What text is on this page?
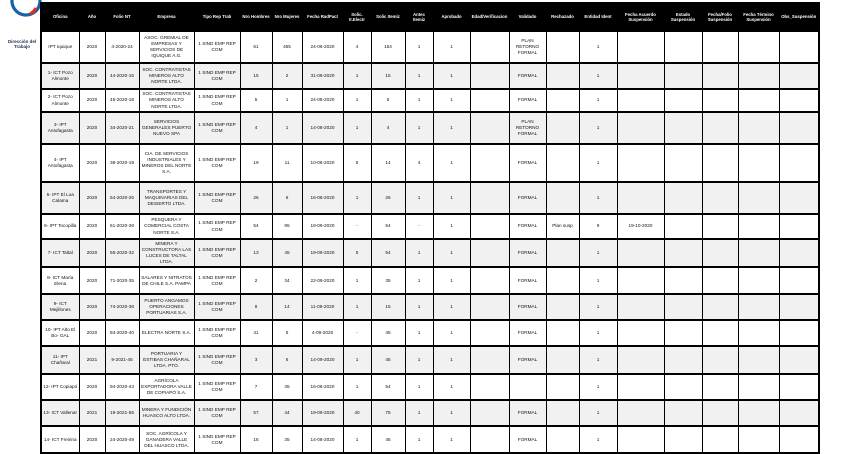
Dirección del Trabajo
Oficina	Año	Folio NT	Empresa	Tipo Rep Trab	Nro Hombres	Nro Mujeres	Fecha RadPact	Solic. It.Electr	Solic Itemiz	Antec Itemiz	Aprobado	Edad/Verificacion	Validado	Rechazado	Entidad Ident	Fecha Acuerdo Suspensión	Estado Suspensión	Fecha/Folio Suspensión	Fecha Término Suspensión	Obs_Suspensión
IPT Iquique	2020	4-2020-24	ASOC. GREMIAL DE EMPRESAS Y SERVICIOS DE IQUIQUE A.G.	1 SIND EMP REP COM	61	465	24-06-2020	4	154	1	1		PLAN RETORNO FORMAL		1					
1- ICT Pozo Almonte	2020	44-2020-15	SOC. CONTRATISTAS MINEROS ALTO NORTE LTDA.	1 SIND EMP REP COM	15	2	31-08-2020	1	15	1	1		FORMAL		1					
2- ICT Pozo Almonte	2020	45-2020-18	SOC. CONTRATISTAS MINEROS ALTO NORTE LTDA.	1 SIND EMP REP COM	5	1	24-08-2020	1	5	1	1		FORMAL		1					
3- IPT Antofagasta	2020	34-2020-21	SERVICIOS GENERALES PUERTO NUEVO SPA	1 SIND EMP REP COM	4	1	14-08-2020	1	4	1	1		PLAN RETORNO FORMAL		1					
4- IPT Antofagasta	2020	38-2020-19	CIA. DE SERVICIOS INDUSTRIALES Y MINEROS DEL NORTE S.A.	1 SIND EMP REP COM	19	11	10-08-2020	5	14	4	1		FORMAL		1					
5- IPT El Loa Calama	2020	54-2020-25	TRANSPORTES Y MAQUINARIAS DEL DESIERTO LTDA.	1 SIND EMP REP COM	26	6	16-08-2020	1	26	1	1		FORMAL		1					
6- IPT Tocopilla	2020	61-2020-28	PESQUERA Y COMERCIAL COSTA NORTE S.A.	1 SIND EMP REP COM	54	95	19-09-2020	-	54	-	1		FORMAL	Plan susp	9	19-10-2020				
7- ICT Taltal	2020	65-2020-32	MINERA Y CONSTRUCTORA LAS LUCES DE TALTAL LTDA.	1 SIND EMP REP COM	13	45	19-09-2020	5	54	1	1		FORMAL		1					
8- ICT María Elena	2020	71-2020-35	SALARES Y NITRATOS DE CHILE S.A. PAMPA	1 SIND EMP REP COM	2	34	22-09-2020	1	35	1	1		FORMAL		1					
9- ICT Mejillones	2020	74-2020-38	PUERTO ANGAMOS OPERACIONES PORTUARIAS S.A.	1 SIND EMP REP COM	8	14	11-09-2020	1	15	1	1		FORMAL		1					
10- IPT Alto El Bo- GAL	2020	84-2020-40	ELECTRA NORTE S.A.	1 SIND EMP REP COM	41	5	4-09-2020	-	45	1	1		FORMAL		1					
11- IPT Chañaral	2021	9-2021-45	PORTUARIA Y ESTIBAS CHAÑARAL LTDA. PTO.	1 SIND EMP REP COM	3	6	14-09-2020	1	45	1	1		FORMAL		1					
12- IPT Copiapó	2020	94-2020-43	AGRÍCOLA EXPORTADORA VALLE DE COPIAPÓ S.A.	1 SIND EMP REP COM	7	35	16-08-2020	1	54	1	1				1					
13- ICT Vallenar	2021	19-2021-55	MINERA Y FUNDICIÓN HUASCO ALTO LTDA.	1 SIND EMP REP COM	57	44	19-09-2020	40	75	1	1		FORMAL		1					
14- ICT Freirina	2020	24-2020-49	SOC. AGRÍCOLA Y GANADERA VALLE DEL HUASCO LTDA.	1 SIND EMP REP COM	16	35	14-08-2020	1	45	1	1		FORMAL		1					
